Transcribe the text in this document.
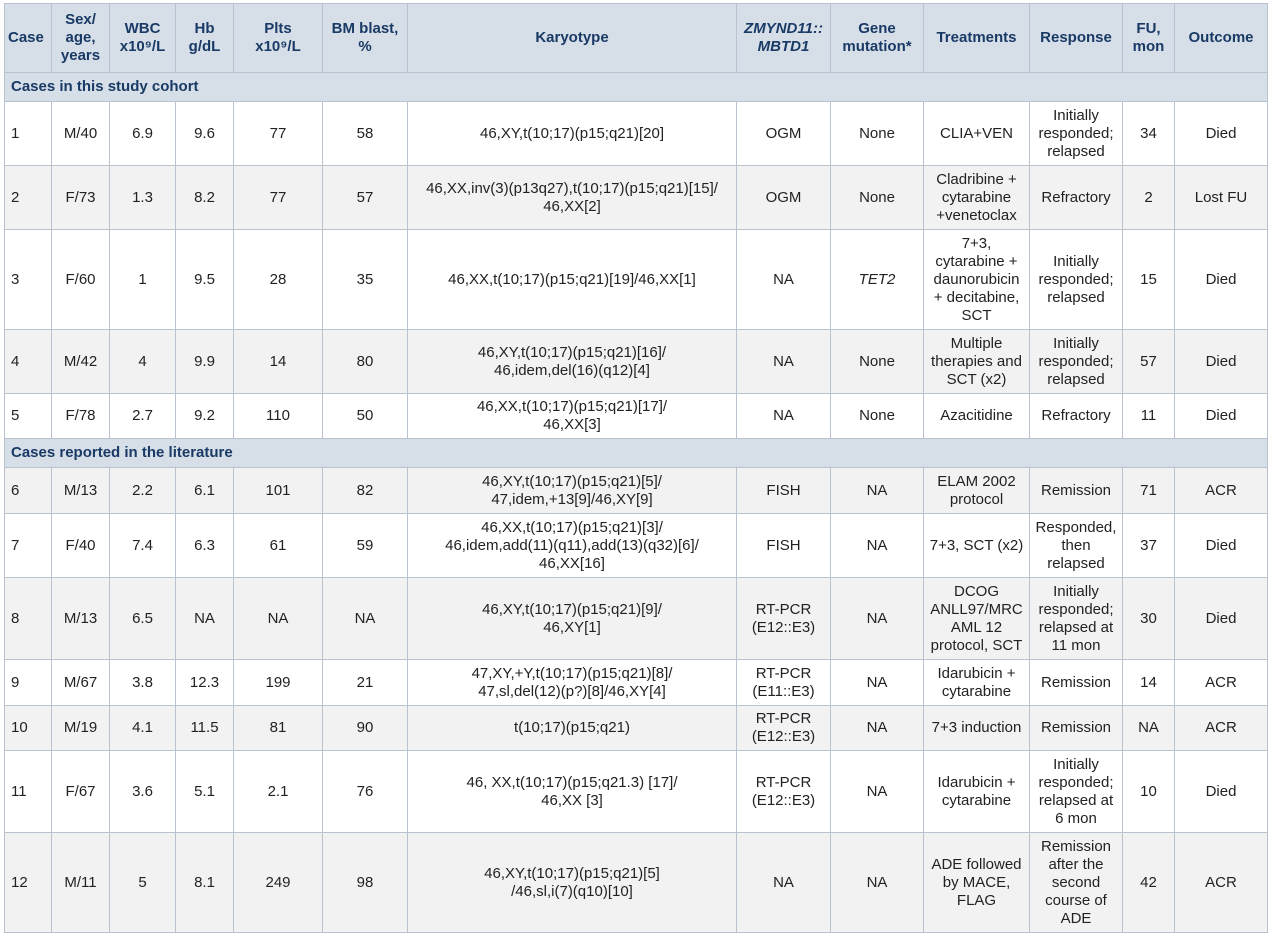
Case	Sex/
age,
years	WBC
x10⁹/L	Hb
g/dL	Plts
x10⁹/L	BM blast,
%	Karyotype	ZMYND11::
MBTD1	Gene
mutation*	Treatments	Response	FU,
mon	Outcome
Cases in this study cohort												
1	M/40	6.9	9.6	77	58	46,XY,t(10;17)(p15;q21)[20]	OGM	None	CLIA+VEN	Initially
responded;
relapsed	34	Died
2	F/73	1.3	8.2	77	57	46,XX,inv(3)(p13q27),t(10;17)(p15;q21)[15]/
46,XX[2]	OGM	None	Cladribine +
cytarabine
+venetoclax	Refractory	2	Lost FU
3	F/60	1	9.5	28	35	46,XX,t(10;17)(p15;q21)[19]/46,XX[1]	NA	TET2	7+3,
cytarabine +
daunorubicin
+ decitabine,
SCT	Initially
responded;
relapsed	15	Died
4	M/42	4	9.9	14	80	46,XY,t(10;17)(p15;q21)[16]/
46,idem,del(16)(q12)[4]	NA	None	Multiple
therapies and
SCT (x2)	Initially
responded;
relapsed	57	Died
5	F/78	2.7	9.2	110	50	46,XX,t(10;17)(p15;q21)[17]/
46,XX[3]	NA	None	Azacitidine	Refractory	11	Died
Cases reported in the literature												
6	M/13	2.2	6.1	101	82	46,XY,t(10;17)(p15;q21)[5]/
47,idem,+13[9]/46,XY[9]	FISH	NA	ELAM 2002
protocol	Remission	71	ACR
7	F/40	7.4	6.3	61	59	46,XX,t(10;17)(p15;q21)[3]/
46,idem,add(11)(q11),add(13)(q32)[6]/
46,XX[16]	FISH	NA	7+3, SCT (x2)	Responded,
then
relapsed	37	Died
8	M/13	6.5	NA	NA	NA	46,XY,t(10;17)(p15;q21)[9]/
46,XY[1]	RT-PCR
(E12::E3)	NA	DCOG
ANLL97/MRC
AML 12
protocol, SCT	Initially
responded;
relapsed at
11 mon	30	Died
9	M/67	3.8	12.3	199	21	47,XY,+Y,t(10;17)(p15;q21)[8]/
47,sl,del(12)(p?)[8]/46,XY[4]	RT-PCR
(E11::E3)	NA	Idarubicin +
cytarabine	Remission	14	ACR
10	M/19	4.1	11.5	81	90	t(10;17)(p15;q21)	RT-PCR
(E12::E3)	NA	7+3 induction	Remission	NA	ACR
11	F/67	3.6	5.1	2.1	76	46, XX,t(10;17)(p15;q21.3) [17]/
46,XX [3]	RT-PCR
(E12::E3)	NA	Idarubicin +
cytarabine	Initially
responded;
relapsed at
6 mon	10	Died
12	M/11	5	8.1	249	98	46,XY,t(10;17)(p15;q21)[5]
/46,sl,i(7)(q10)[10]	NA	NA	ADE followed
by MACE,
FLAG	Remission
after the
second
course of
ADE	42	ACR
